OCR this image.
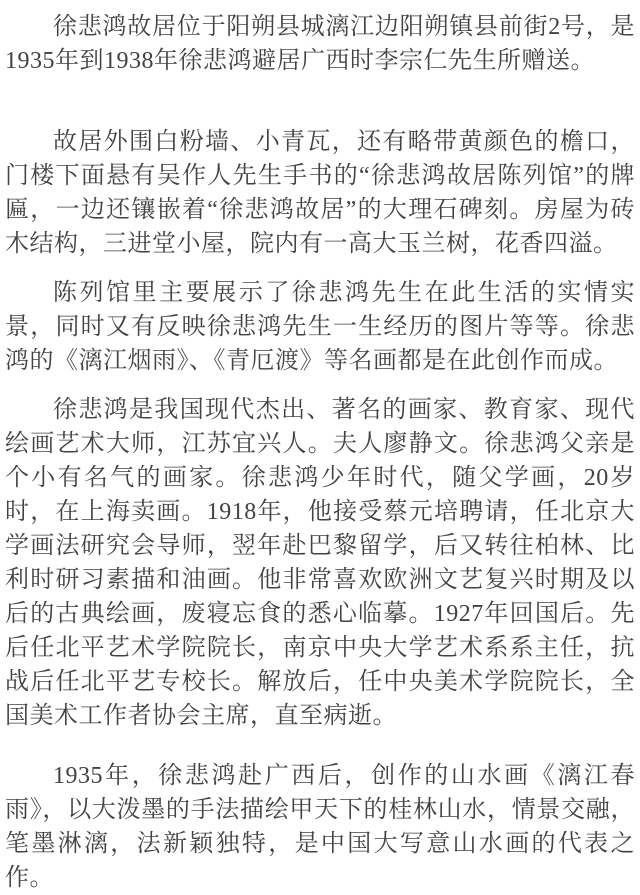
徐悲鸿故居位于阳朔县城漓江边阳朔镇县前街2号，是1935年到1938年徐悲鸿避居广西时李宗仁先生所赠送。

故居外围白粉墙、小青瓦，还有略带黄颜色的檐口，门楼下面悬有吴作人先生手书的“徐悲鸿故居陈列馆”的牌匾，一边还镶嵌着“徐悲鸿故居”的大理石碑刻。房屋为砖木结构，三进堂小屋，院内有一高大玉兰树，花香四溢。

陈列馆里主要展示了徐悲鸿先生在此生活的实情实景，同时又有反映徐悲鸿先生一生经历的图片等等。徐悲鸿的《漓江烟雨》、《青厄渡》等名画都是在此创作而成。

徐悲鸿是我国现代杰出、著名的画家、教育家、现代绘画艺术大师，江苏宜兴人。夫人廖静文。徐悲鸿父亲是个小有名气的画家。徐悲鸿少年时代，随父学画，20岁时，在上海卖画。1918年，他接受蔡元培聘请，任北京大学画法研究会导师，翌年赴巴黎留学，后又转往柏林、比利时研习素描和油画。他非常喜欢欧洲文艺复兴时期及以后的古典绘画，废寝忘食的悉心临摹。1927年回国后。先后任北平艺术学院院长，南京中央大学艺术系系主任，抗战后任北平艺专校长。解放后，任中央美术学院院长，全国美术工作者协会主席，直至病逝。

1935年，徐悲鸿赴广西后，创作的山水画《漓江春雨》，以大泼墨的手法描绘甲天下的桂林山水，情景交融，笔墨淋漓，法新颖独特，是中国大写意山水画的代表之作。
